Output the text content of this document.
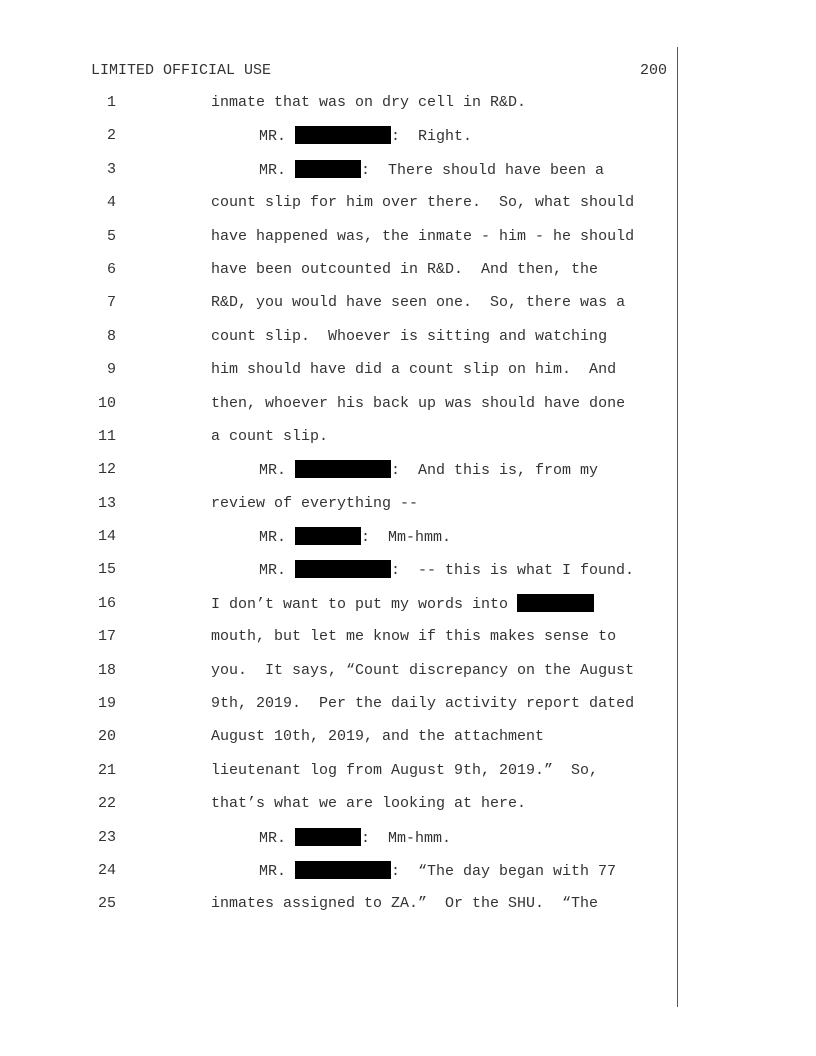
LIMITED OFFICIAL USE	200

1

	inmate that was on dry cell in R&D.

2

	MR.	:  Right.

3

	MR.	:  There should have been a

4

	count slip for him over there.  So, what should

5

	have happened was, the inmate - him - he should

6

	have been outcounted in R&D.  And then, the

7

	R&D, you would have seen one.  So, there was a

8

	count slip.  Whoever is sitting and watching

9

	him should have did a count slip on him.  And

10

	then, whoever his back up was should have done

11

	a count slip.

12

	MR.	:  And this is, from my

13

	review of everything --

14

	MR.	:  Mm-hmm.

15

	MR.	:  -- this is what I found.

16

	I don’t want to put my words into

17

	mouth, but let me know if this makes sense to

18

	you.  It says, “Count discrepancy on the August

19

	9th, 2019.  Per the daily activity report dated

20

	August 10th, 2019, and the attachment

21

	lieutenant log from August 9th, 2019.”  So,

22

	that’s what we are looking at here.

23

	MR.	:  Mm-hmm.

24

	MR.	:  “The day began with 77

25

	inmates assigned to ZA.”  Or the SHU.  “The
